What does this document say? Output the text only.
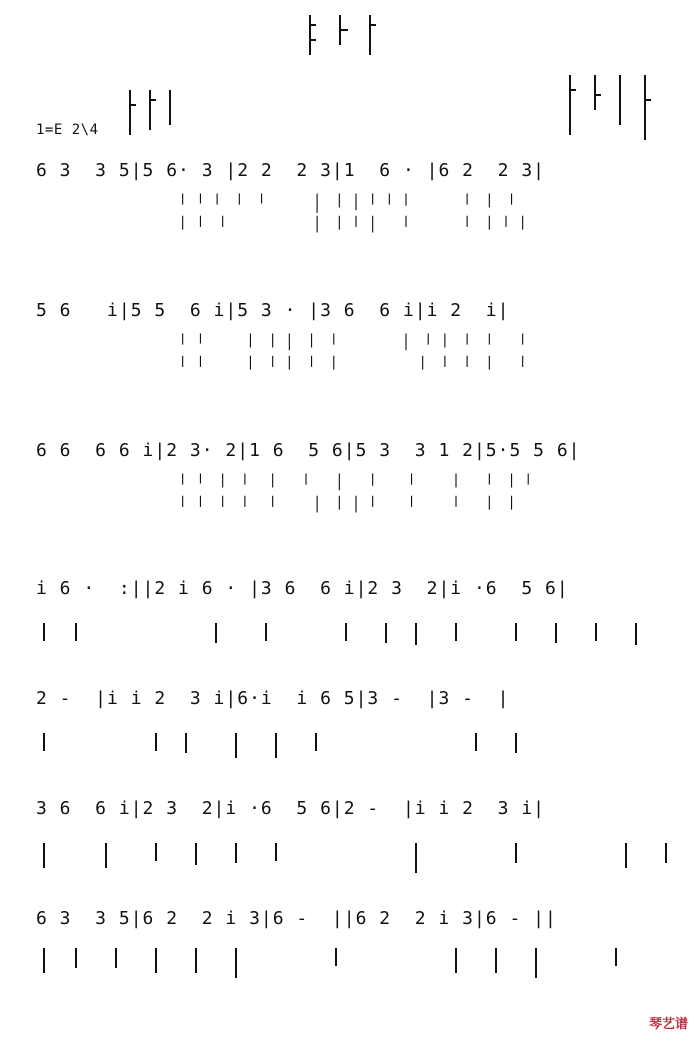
1=E 2\4
6 3  3 5|5 6· 3 |2 2  2 3|1  6 · |6 2  2 3|
5 6   i|5 5  6 i|5 3 · |3 6  6 i|i 2  i|
6 6  6 6 i|2 3· 2|1 6  5 6|5 3  3 1 2|5·5 5 6|
i 6 ·  :||2 i 6 · |3 6  6 i|2 3  2|i ·6  5 6|
2 -  |i i 2  3 i|6·i  i 6 5|3 -  |3 -  |
3 6  6 i|2 3  2|i ·6  5 6|2 -  |i i 2  3 i|
6 3  3 5|6 2  2 i 3|6 -  ||6 2  2 i 3|6 - ||
琴艺谱
